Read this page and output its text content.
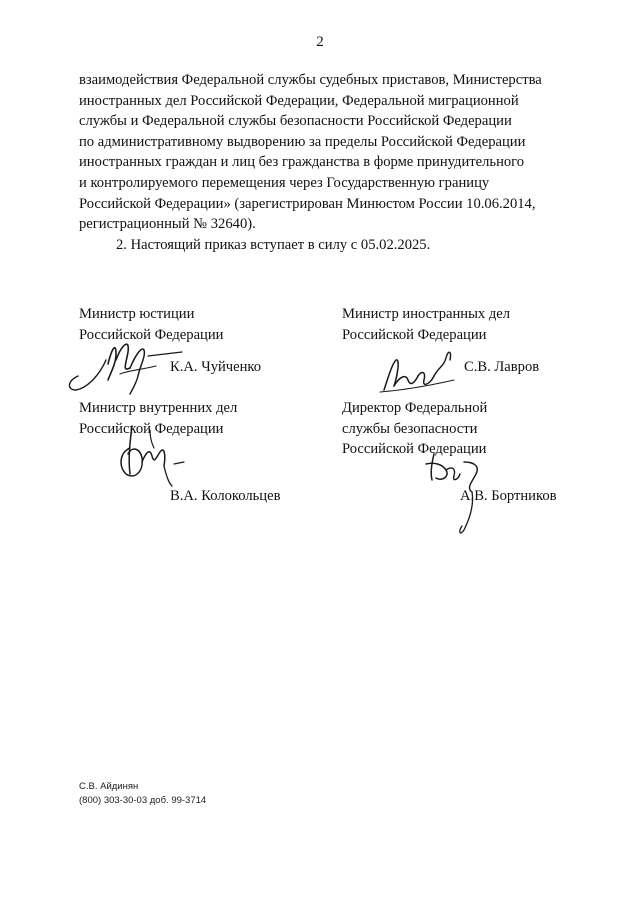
2

взаимодействия Федеральной службы судебных приставов, Министерства

иностранных дел Российской Федерации, Федеральной миграционной

службы и Федеральной службы безопасности Российской Федерации

по административному выдворению за пределы Российской Федерации

иностранных граждан и лиц без гражданства в форме принудительного

и контролируемого перемещения через Государственную границу

Российской Федерации» (зарегистрирован Минюстом России 10.06.2014,

регистрационный № 32640).

2. Настоящий приказ вступает в силу с 05.02.2025.

Министр юстиции
Российской Федерации
К.А. Чуйченко
Министр иностранных дел
Российской Федерации
С.В. Лавров
Министр внутренних дел
Российской Федерации
В.А. Колокольцев
Директор Федеральной
службы безопасности
Российской Федерации
А.В. Бортников
С.В. Айдинян
(800) 303-30-03 доб. 99-3714
